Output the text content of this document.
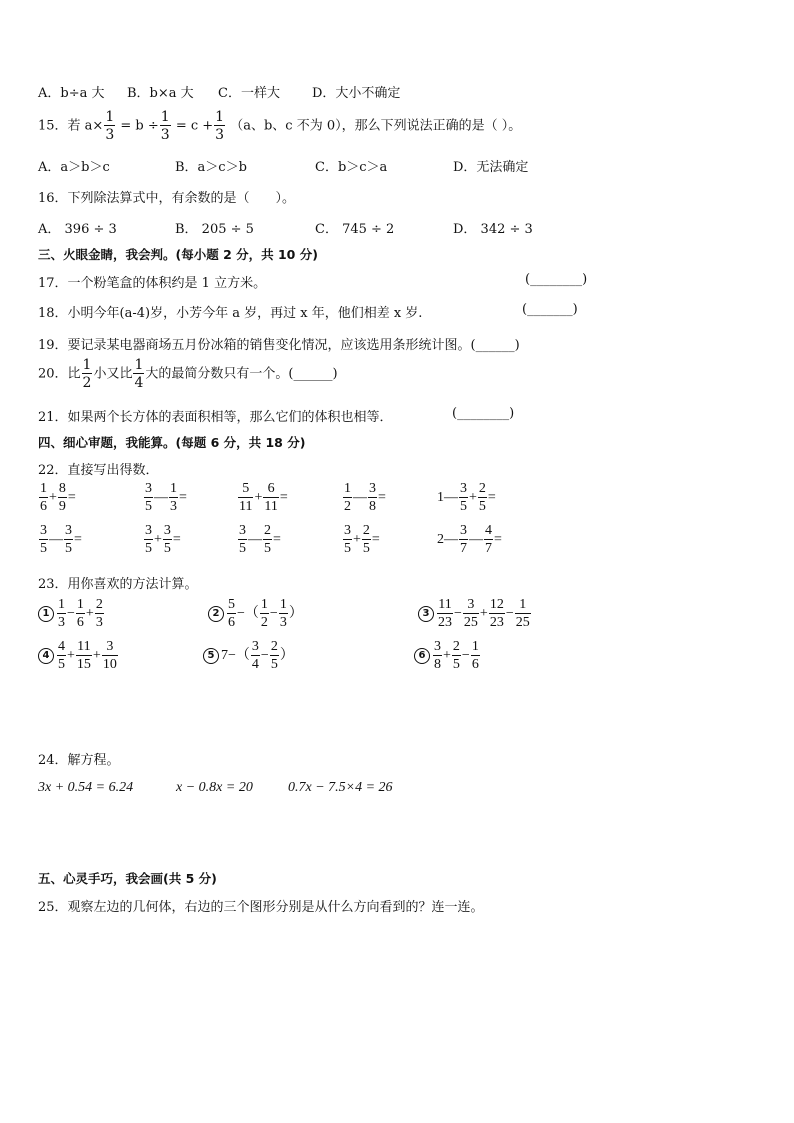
A．b÷a 大 B．b×a 大 C．一样大 D．大小不确定
15．若 $a\times \frac{1}{3} = b \div \frac{1}{3} = c + \frac{1}{3} (a$、b、c 不为 0），那么下列说法正确的是（ ）。
A．a＞b＞c	B．a＞c＞b	C．b＞c＞a	D．无法确定
16．下列除法算式中，有余数的是（　　）。
A． 396 ÷ 3	B． 205 ÷ 5	C． 745 ÷ 2	D． 342 ÷ 3
三、火眼金睛，我会判。(每小题 2 分，共 10 分)
17．一个粉笔盒的体积约是 1 立方米。	(________)
18．小明今年(a-4)岁，小芳今年 a 岁，再过 x 年，他们相差 x 岁.	(_______)
19．要记录某电器商场五月份冰箱的销售变化情况，应该选用条形统计图。(______)
20．比 $\frac{1}{2}$ 小又比 $\frac{1}{4}$ 大的最简分数只有一个。(______)
21．如果两个长方体的表面积相等，那么它们的体积也相等．	(________)
四、细心审题，我能算。(每题 6 分，共 18 分)
22．直接写出得数．
$\frac{1}{6} + \frac{8}{9}$ =	$\frac{3}{5}$ — $\frac{1}{3}$ =	$\frac{5}{11} + \frac{6}{11}$ =	$\frac{1}{2}$ — $\frac{3}{8}$ =	1— $\frac{3}{5} + \frac{2}{5}$ =
$\frac{3}{5}$ — $\frac{3}{5}$ =	$\frac{3}{5} + \frac{3}{5}$ =	$\frac{3}{5}$ — $\frac{2}{5}$ =	$\frac{3}{5} + \frac{2}{5}$ =	2— $\frac{3}{7}$ — $\frac{4}{7}$ =
23．用你喜欢的方法计算。
$1 \frac{1}{3} - \frac{1}{6} + \frac{2}{3}$	$2 \frac{5}{6}$ −（ $\frac{1}{2} - \frac{1}{3}$ ）	$3 \frac{11}{23} - \frac{3}{25} + \frac{12}{23} - \frac{1}{25}$
$4 \frac{4}{5} + \frac{11}{15} + \frac{3}{10}$	5 $7-( \frac{3}{4} - \frac{2}{5}$ ）	$6 \frac{3}{8} + \frac{2}{5} - \frac{1}{6}$
24．解方程。
3x + 0.54 = 6.24	x − 0.8x = 20	0.7x − 7.5×4 = 26
五、心灵手巧，我会画(共 5 分)
25．观察左边的几何体，右边的三个图形分别是从什么方向看到的？连一连。
